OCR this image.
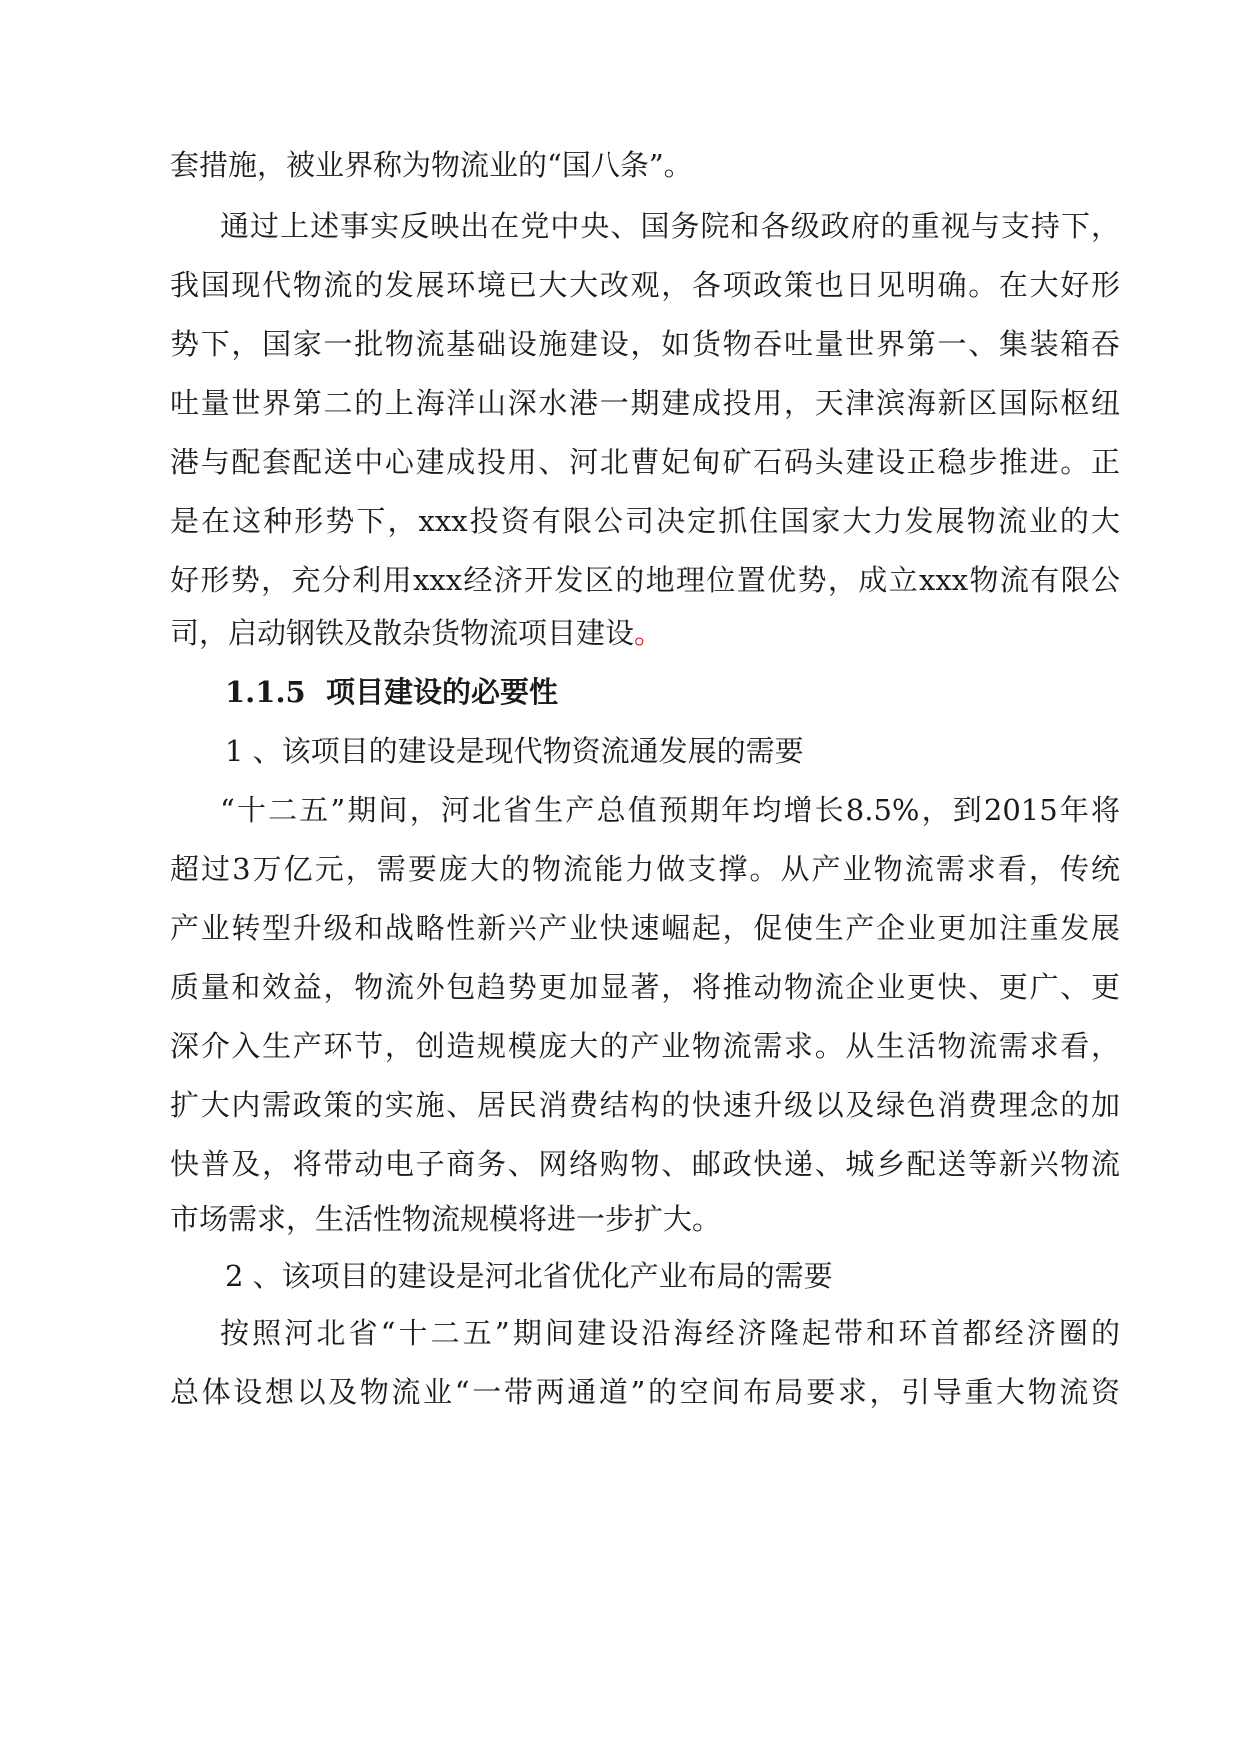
套措施，被业界称为物流业的“国八条”。
通过上述事实反映出在党中央、国务院和各级政府的重视与支持下，
我国现代物流的发展环境已大大改观，各项政策也日见明确。在大好形
势下，国家一批物流基础设施建设，如货物吞吐量世界第一、集装箱吞
吐量世界第二的上海洋山深水港一期建成投用，天津滨海新区国际枢纽
港与配套配送中心建成投用、河北曹妃甸矿石码头建设正稳步推进。正
是在这种形势下，xxx投资有限公司决定抓住国家大力发展物流业的大
好形势，充分利用xxx经济开发区的地理位置优势，成立xxx物流有限公
司，启动钢铁及散杂货物流项目建设。
1.1.5 项目建设的必要性
1 、该项目的建设是现代物资流通发展的需要
“十二五”期间，河北省生产总值预期年均增长8.5%，到2015年将
超过3万亿元，需要庞大的物流能力做支撑。从产业物流需求看，传统
产业转型升级和战略性新兴产业快速崛起，促使生产企业更加注重发展
质量和效益，物流外包趋势更加显著，将推动物流企业更快、更广、更
深介入生产环节，创造规模庞大的产业物流需求。从生活物流需求看，
扩大内需政策的实施、居民消费结构的快速升级以及绿色消费理念的加
快普及，将带动电子商务、网络购物、邮政快递、城乡配送等新兴物流
市场需求，生活性物流规模将进一步扩大。
2 、该项目的建设是河北省优化产业布局的需要
按照河北省“十二五”期间建设沿海经济隆起带和环首都经济圈的
总体设想以及物流业“一带两通道”的空间布局要求，引导重大物流资
